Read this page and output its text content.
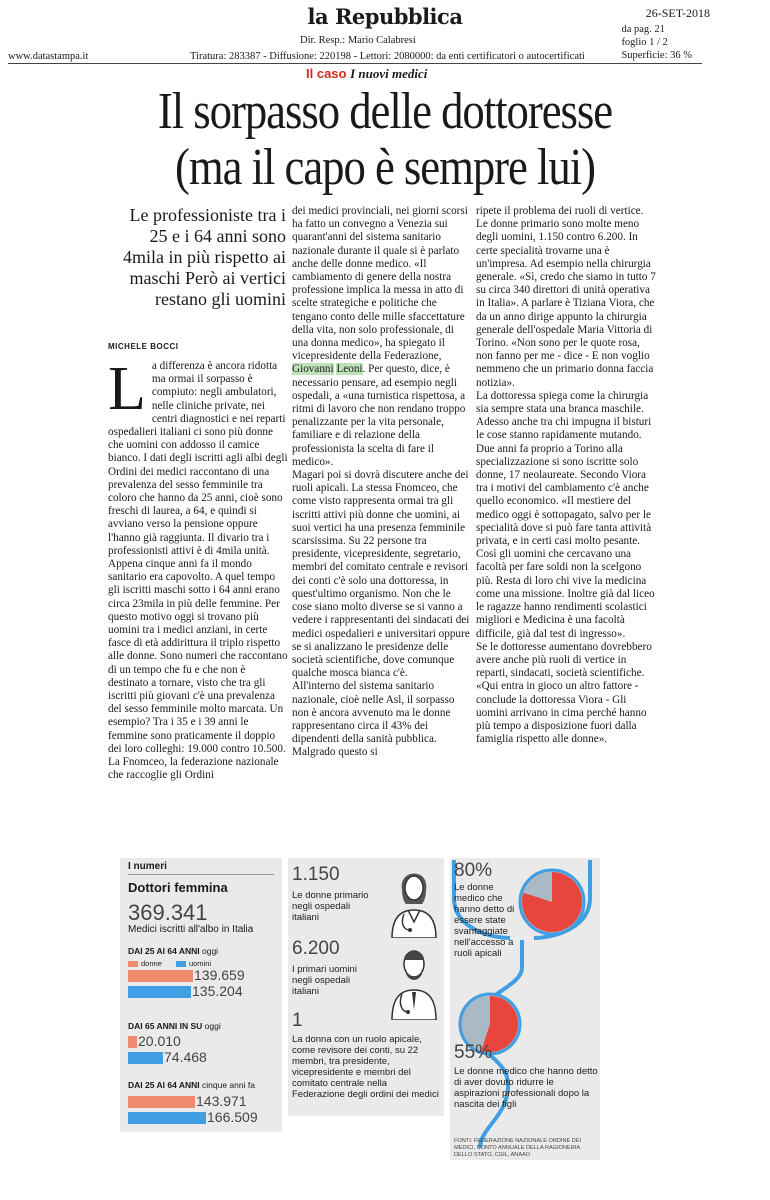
la Repubblica	26-SET-2018
da pag. 21
foglio 1 / 2
Superficie: 36 %
Dir. Resp.: Mario Calabresi
www.datastampa.it	Tiratura: 283387 - Diffusione: 220198 - Lettori: 2080000: da enti certificatori o autocertificati
Il caso I nuovi medici
Il sorpasso delle dottoresse
(ma il capo è sempre lui)
Le professioniste tra i 25 e i 64 anni sono 4mila in più rispetto ai maschi Però ai vertici restano gli uomini
MICHELE BOCCI
L a differenza è ancora ridotta ma ormai il sorpasso è compiuto: negli ambulatori, nelle cliniche private, nei centri diagnostici e nei reparti ospedalieri italiani ci sono più donne che uomini con addosso il camice bianco. I dati degli iscritti agli albi degli Ordini dei medici raccontano di una prevalenza del sesso femminile tra coloro che hanno da 25 anni, cioè sono freschi di laurea, a 64, e quindi si avviano verso la pensione oppure l'hanno già raggiunta. Il divario tra i professionisti attivi è di 4mila unità.

Appena cinque anni fa il mondo sanitario era capovolto. A quel tempo gli iscritti maschi sotto i 64 anni erano circa 23mila in più delle femmine. Per questo motivo oggi si trovano più uomini tra i medici anziani, in certe fasce di età addirittura il triplo rispetto alle donne. Sono numeri che raccontano di un tempo che fu e che non è destinato a tornare, visto che tra gli iscritti più giovani c'è una prevalenza del sesso femminile molto marcata. Un esempio? Tra i 35 e i 39 anni le femmine sono praticamente il doppio dei loro colleghi: 19.000 contro 10.500.

La Fnomceo, la federazione nazionale che raccoglie gli Ordini

dei medici provinciali, nei giorni scorsi ha fatto un convegno a Venezia sui quarant'anni del sistema sanitario nazionale durante il quale si è parlato anche delle donne medico. «Il cambiamento di genere della nostra professione implica la messa in atto di scelte strategiche e politiche che tengano conto delle mille sfaccettature della vita, non solo professionale, di una donna medico», ha spiegato il vicepresidente della Federazione, Giovanni Leoni. Per questo, dice, è necessario pensare, ad esempio negli ospedali, a «una turnistica rispettosa, a ritmi di lavoro che non rendano troppo penalizzante per la vita personale, familiare e di relazione della professionista la scelta di fare il medico».

Magari poi si dovrà discutere anche dei ruoli apicali. La stessa Fnomceo, che come visto rappresenta ormai tra gli iscritti attivi più donne che uomini, ai suoi vertici ha una presenza femminile scarsissima. Su 22 persone tra presidente, vicepresidente, segretario, membri del comitato centrale e revisori dei conti c'è solo una dottoressa, in quest'ultimo organismo. Non che le cose siano molto diverse se si vanno a vedere i rappresentanti dei sindacati dei medici ospedalieri e universitari oppure se si analizzano le presidenze delle società scientifiche, dove comunque qualche mosca bianca c'è.

All'interno del sistema sanitario nazionale, cioè nelle Asl, il sorpasso non è ancora avvenuto ma le donne rappresentano circa il 43% dei dipendenti della sanità pubblica. Malgrado questo si

ripete il problema dei ruoli di vertice. Le donne primario sono molte meno degli uomini, 1.150 contro 6.200. In certe specialità trovarne una è un'impresa. Ad esempio nella chirurgia generale. «Sì, credo che siamo in tutto 7 su circa 340 direttori di unità operativa in Italia». A parlare è Tiziana Viora, che da un anno dirige appunto la chirurgia generale dell'ospedale Maria Vittoria di Torino. «Non sono per le quote rosa, non fanno per me - dice - E non voglio nemmeno che un primario donna faccia notizia».

La dottoressa spiega come la chirurgia sia sempre stata una branca maschile. Adesso anche tra chi impugna il bisturi le cose stanno rapidamente mutando. Due anni fa proprio a Torino alla specializzazione si sono iscritte solo donne, 17 neolaureate. Secondo Viora tra i motivi del cambiamento c'è anche quello economico. «Il mestiere del medico oggi è sottopagato, salvo per le specialità dove si può fare tanta attività privata, e in certi casi molto pesante. Così gli uomini che cercavano una facoltà per fare soldi non la scelgono più. Resta di loro chi vive la medicina come una missione. Inoltre già dal liceo le ragazze hanno rendimenti scolastici migliori e Medicina è una facoltà difficile, già dal test di ingresso».

Se le dottoresse aumentano dovrebbero avere anche più ruoli di vertice in reparti, sindacati, società scientifiche. «Qui entra in gioco un altro fattore - conclude la dottoressa Viora - Gli uomini arrivano in cima perché hanno più tempo a disposizione fuori dalla famiglia rispetto alle donne».

I numeri
Dottori femmina
369.341
Medici iscritti all'albo in Italia
DAI 25 AI 64 ANNI oggi
donne	uomini
139.659
135.204
DAI 65 ANNI IN SU oggi
20.010
74.468
DAI 25 AI 64 ANNI cinque anni fa
143.971
166.509
1.150
Le donne primario negli ospedali italiani
6.200
I primari uomini negli ospedali italiani
1
La donna con un ruolo apicale, come revisore dei conti, su 22 membri, tra presidente, vicepresidente e membri del comitato centrale nella Federazione degli ordini dei medici
80%
Le donne medico che hanno detto di essere state svantaggiate nell'accesso a ruoli apicali
55%
Le donne medico che hanno detto di aver dovuto ridurre le aspirazioni professionali dopo la nascita dei figli
FONTI: FEDERAZIONE NAZIONALE ORDINE DEI MEDICI, CONTO ANNUALE DELLA RAGIONERIA DELLO STATO, CGIL, ANAAO
